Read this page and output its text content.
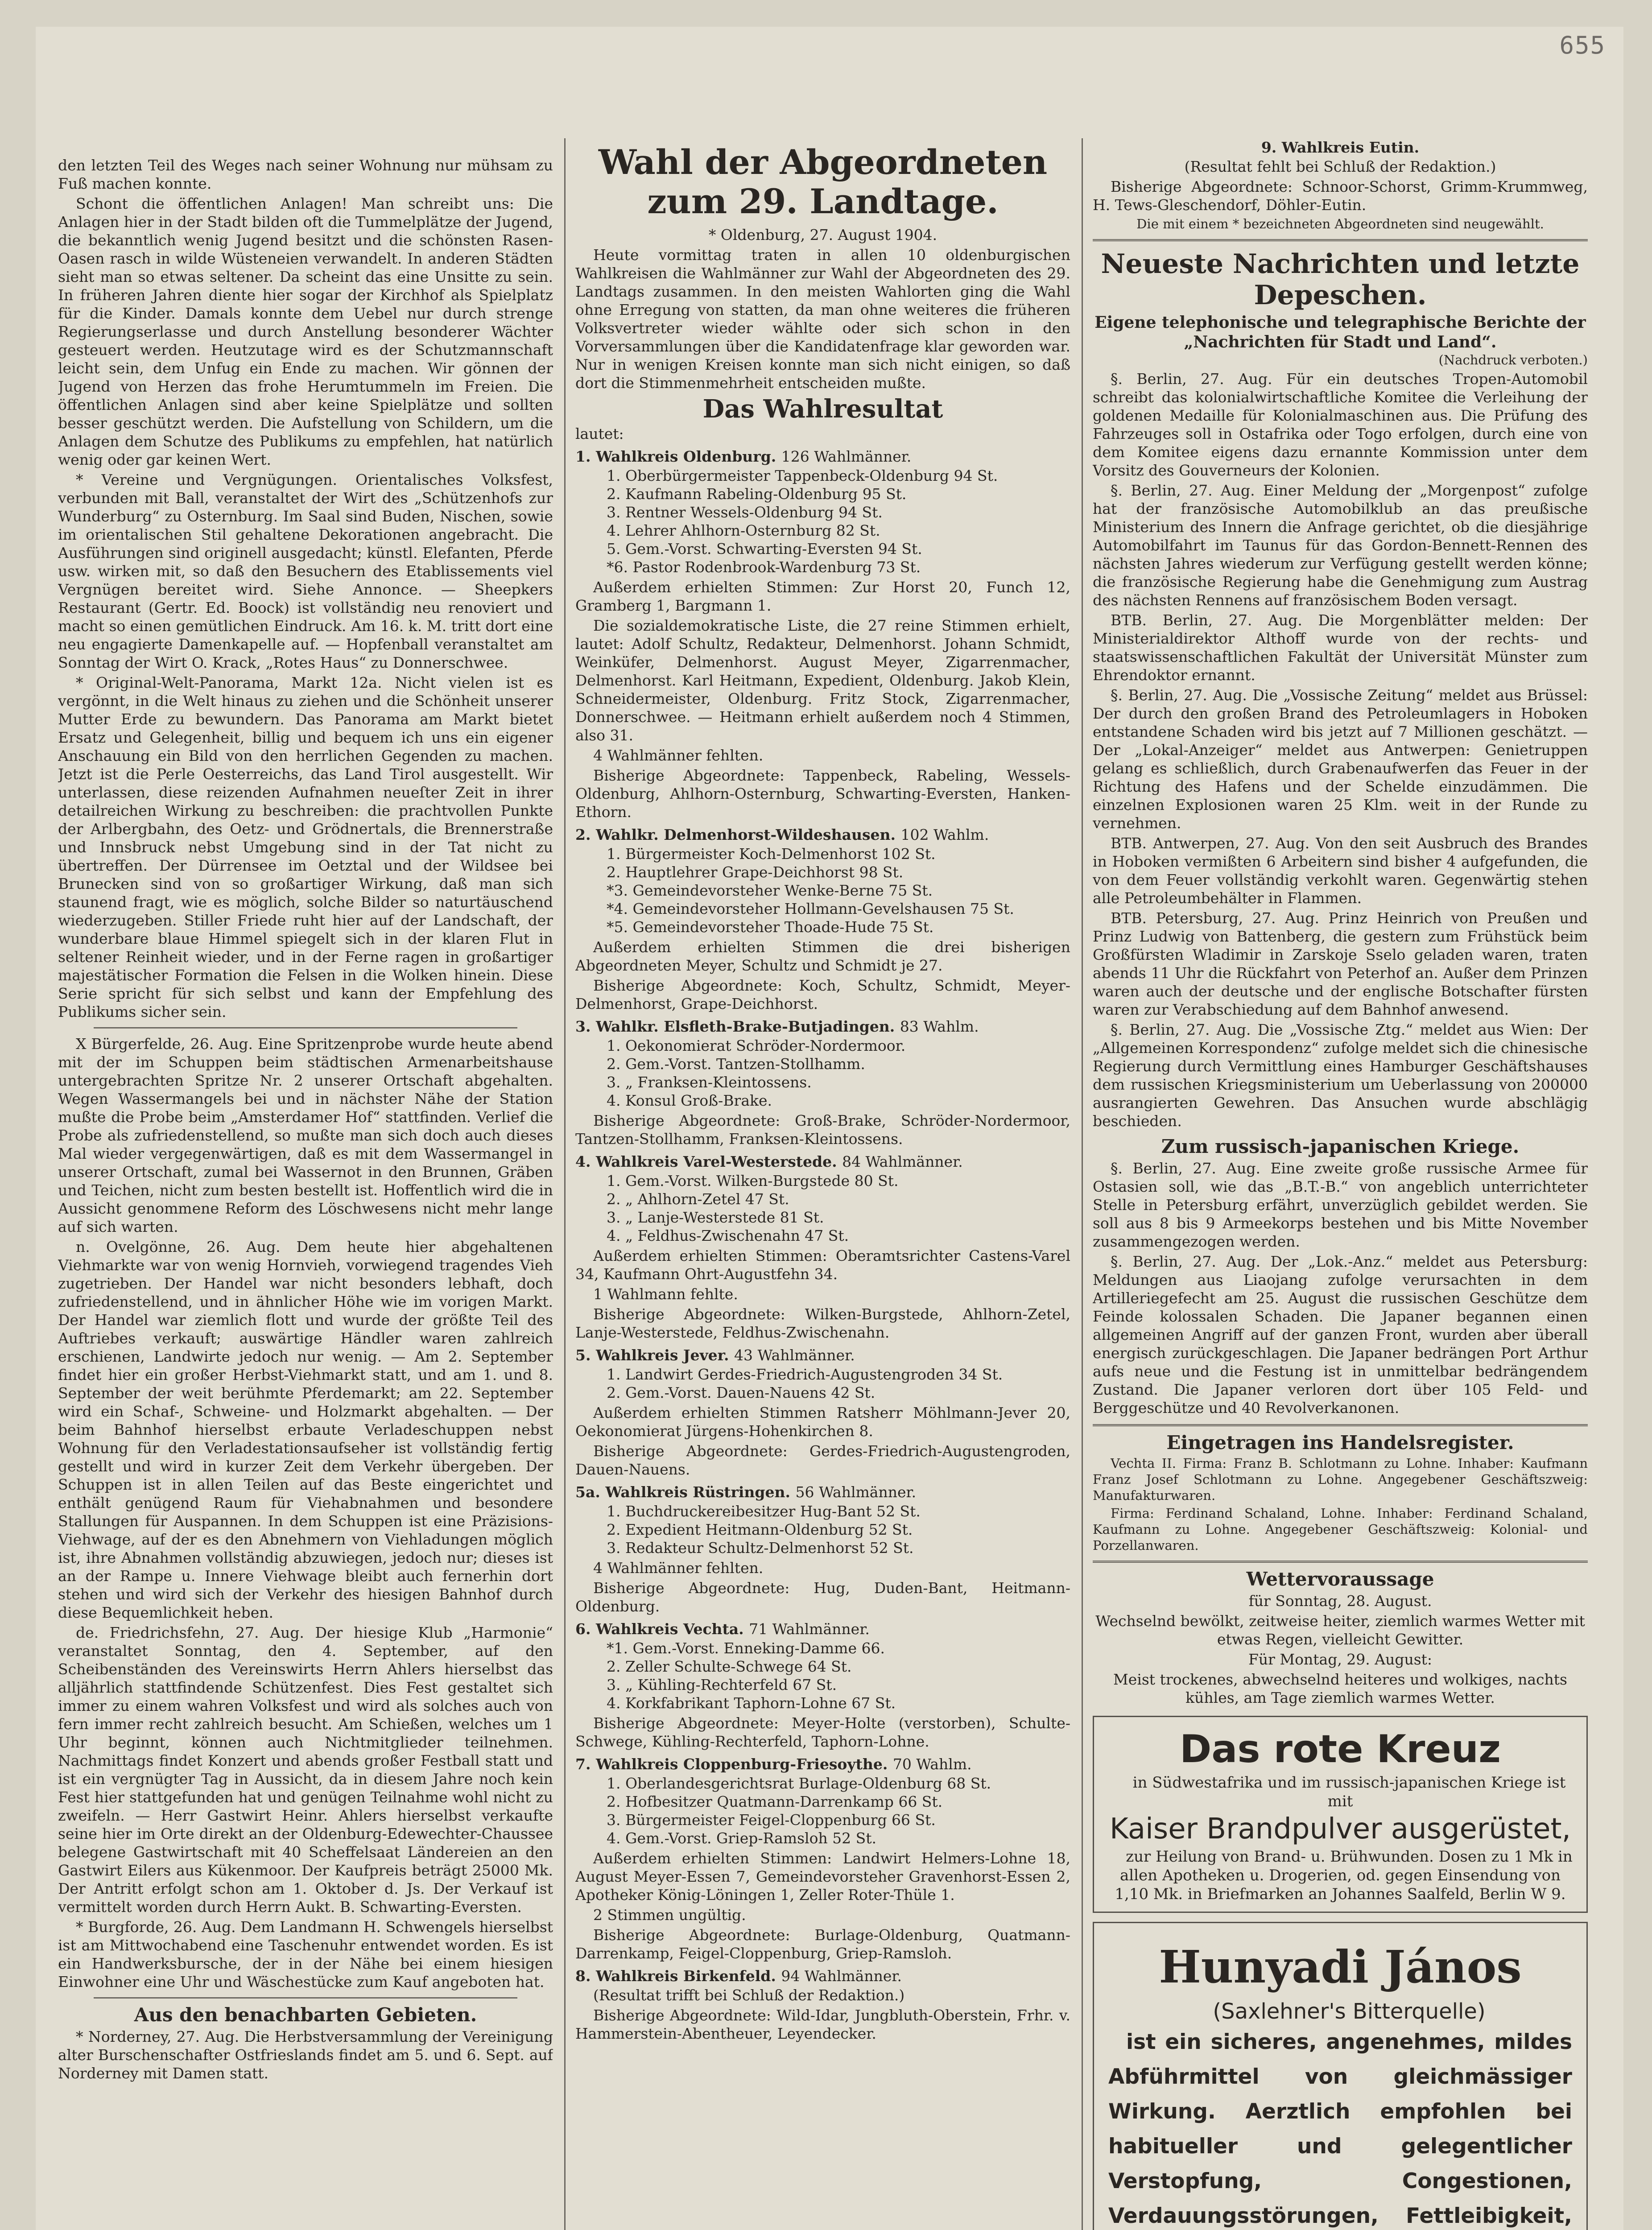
655

den letzten Teil des Weges nach seiner Wohnung nur mühsam zu Fuß machen konnte.

Schont die öffentlichen Anlagen! Man schreibt uns: Die Anlagen hier in der Stadt bilden oft die Tummelplätze der Jugend, die bekanntlich wenig Jugend besitzt und die schönsten Rasen-Oasen rasch in wilde Wüsteneien verwandelt. In anderen Städten sieht man so etwas seltener. Da scheint das eine Unsitte zu sein. In früheren Jahren diente hier sogar der Kirchhof als Spielplatz für die Kinder. Damals konnte dem Uebel nur durch strenge Regierungserlasse und durch Anstellung besonderer Wächter gesteuert werden. Heutzutage wird es der Schutzmannschaft leicht sein, dem Unfug ein Ende zu machen. Wir gönnen der Jugend von Herzen das frohe Herumtummeln im Freien. Die öffentlichen Anlagen sind aber keine Spielplätze und sollten besser geschützt werden. Die Aufstellung von Schildern, um die Anlagen dem Schutze des Publikums zu empfehlen, hat natürlich wenig oder gar keinen Wert.

* Vereine und Vergnügungen. Orientalisches Volksfest, verbunden mit Ball, veranstaltet der Wirt des „Schützenhofs zur Wunderburg“ zu Osternburg. Im Saal sind Buden, Nischen, sowie im orientalischen Stil gehaltene Dekorationen angebracht. Die Ausführungen sind originell ausgedacht; künstl. Elefanten, Pferde usw. wirken mit, so daß den Besuchern des Etablissements viel Vergnügen bereitet wird. Siehe Annonce. — Sheepkers Restaurant (Gertr. Ed. Boock) ist vollständig neu renoviert und macht so einen gemütlichen Eindruck. Am 16. k. M. tritt dort eine neu engagierte Damenkapelle auf. — Hopfenball veranstaltet am Sonntag der Wirt O. Krack, „Rotes Haus“ zu Donnerschwee.

* Original-Welt-Panorama, Markt 12a. Nicht vielen ist es vergönnt, in die Welt hinaus zu ziehen und die Schönheit unserer Mutter Erde zu bewundern. Das Panorama am Markt bietet Ersatz und Gelegenheit, billig und bequem ich uns ein eigener Anschauung ein Bild von den herrlichen Gegenden zu machen. Jetzt ist die Perle Oesterreichs, das Land Tirol ausgestellt. Wir unterlassen, diese reizenden Aufnahmen neueſter Zeit in ihrer detailreichen Wirkung zu beschreiben: die prachtvollen Punkte der Arlbergbahn, des Oetz- und Grödnertals, die Brennerstraße und Innsbruck nebst Umgebung sind in der Tat nicht zu übertreffen. Der Dürrensee im Oetztal und der Wildsee bei Brunecken sind von so großartiger Wirkung, daß man sich staunend fragt, wie es möglich, solche Bilder so naturtäuschend wiederzugeben. Stiller Friede ruht hier auf der Landschaft, der wunderbare blaue Himmel spiegelt sich in der klaren Flut in seltener Reinheit wieder, und in der Ferne ragen in großartiger majestätischer Formation die Felsen in die Wolken hinein. Diese Serie spricht für sich selbst und kann der Empfehlung des Publikums sicher sein.

X Bürgerfelde, 26. Aug. Eine Spritzenprobe wurde heute abend mit der im Schuppen beim städtischen Armenarbeitshause untergebrachten Spritze Nr. 2 unserer Ortschaft abgehalten. Wegen Wassermangels bei und in nächster Nähe der Station mußte die Probe beim „Amsterdamer Hof“ stattfinden. Verlief die Probe als zufriedenstellend, so mußte man sich doch auch dieses Mal wieder vergegenwärtigen, daß es mit dem Wassermangel in unserer Ortschaft, zumal bei Wassernot in den Brunnen, Gräben und Teichen, nicht zum besten bestellt ist. Hoffentlich wird die in Aussicht genommene Reform des Löschwesens nicht mehr lange auf sich warten.

n. Ovelgönne, 26. Aug. Dem heute hier abgehaltenen Viehmarkte war von wenig Hornvieh, vorwiegend tragendes Vieh zugetrieben. Der Handel war nicht besonders lebhaft, doch zufriedenstellend, und in ähnlicher Höhe wie im vorigen Markt. Der Handel war ziemlich flott und wurde der größte Teil des Auftriebes verkauft; auswärtige Händler waren zahlreich erschienen, Landwirte jedoch nur wenig. — Am 2. September findet hier ein großer Herbst-Viehmarkt statt, und am 1. und 8. September der weit berühmte Pferdemarkt; am 22. September wird ein Schaf-, Schweine- und Holzmarkt abgehalten. — Der beim Bahnhof hierselbst erbaute Verladeschuppen nebst Wohnung für den Verladestationsaufseher ist vollständig fertig gestellt und wird in kurzer Zeit dem Verkehr übergeben. Der Schuppen ist in allen Teilen auf das Beste eingerichtet und enthält genügend Raum für Viehabnahmen und besondere Stallungen für Auspannen. In dem Schuppen ist eine Präzisions-Viehwage, auf der es den Abnehmern von Viehladungen möglich ist, ihre Abnahmen vollständig abzuwiegen, jedoch nur; dieses ist an der Rampe u. Innere Viehwage bleibt auch fernerhin dort stehen und wird sich der Verkehr des hiesigen Bahnhof durch diese Bequemlichkeit heben.

de. Friedrichsfehn, 27. Aug. Der hiesige Klub „Harmonie“ veranstaltet Sonntag, den 4. September, auf den Scheibenständen des Vereinswirts Herrn Ahlers hierselbst das alljährlich stattfindende Schützenfest. Dies Fest gestaltet sich immer zu einem wahren Volksfest und wird als solches auch von fern immer recht zahlreich besucht. Am Schießen, welches um 1 Uhr beginnt, können auch Nichtmitglieder teilnehmen. Nachmittags findet Konzert und abends großer Festball statt und ist ein vergnügter Tag in Aussicht, da in diesem Jahre noch kein Fest hier stattgefunden hat und genügen Teilnahme wohl nicht zu zweifeln. — Herr Gastwirt Heinr. Ahlers hierselbst verkaufte seine hier im Orte direkt an der Oldenburg-Edewechter-Chaussee belegene Gastwirtschaft mit 40 Scheffelsaat Ländereien an den Gastwirt Eilers aus Kükenmoor. Der Kaufpreis beträgt 25000 Mk. Der Antritt erfolgt schon am 1. Oktober d. Js. Der Verkauf ist vermittelt worden durch Herrn Aukt. B. Schwarting-Eversten.

* Burgforde, 26. Aug. Dem Landmann H. Schwengels hierselbst ist am Mittwochabend eine Taschenuhr entwendet worden. Es ist ein Handwerksbursche, der in der Nähe bei einem hiesigen Einwohner eine Uhr und Wäschestücke zum Kauf angeboten hat.

Aus den benachbarten Gebieten.

* Norderney, 27. Aug. Die Herbstversammlung der Vereinigung alter Burschenschafter Ostfrieslands findet am 5. und 6. Sept. auf Norderney mit Damen statt.

Wahl der Abgeordneten zum 29. Landtage.

* Oldenburg, 27. August 1904.

Heute vormittag traten in allen 10 oldenburgischen Wahlkreisen die Wahlmänner zur Wahl der Abgeordneten des 29. Landtags zusammen. In den meisten Wahlorten ging die Wahl ohne Erregung von statten, da man ohne weiteres die früheren Volksvertreter wieder wählte oder sich schon in den Vorversammlungen über die Kandidatenfrage klar geworden war. Nur in wenigen Kreisen konnte man sich nicht einigen, so daß dort die Stimmenmehrheit entscheiden mußte.

Das Wahlresultat

lautet:

1. Wahlkreis Oldenburg. 126 Wahlmänner.

1. Oberbürgermeister Tappenbeck-Oldenburg 94 St.
2. Kaufmann Rabeling-Oldenburg 95 St.
3. Rentner Wessels-Oldenburg 94 St.
4. Lehrer Ahlhorn-Osternburg 82 St.
5. Gem.-Vorst. Schwarting-Eversten 94 St.
*6. Pastor Rodenbrook-Wardenburg 73 St.

Außerdem erhielten Stimmen: Zur Horst 20, Funch 12, Gramberg 1, Bargmann 1.

Die sozialdemokratische Liste, die 27 reine Stimmen erhielt, lautet: Adolf Schultz, Redakteur, Delmenhorst. Johann Schmidt, Weinküfer, Delmenhorst. August Meyer, Zigarrenmacher, Delmenhorst. Karl Heitmann, Expedient, Oldenburg. Jakob Klein, Schneidermeister, Oldenburg. Fritz Stock, Zigarrenmacher, Donnerschwee. — Heitmann erhielt außerdem noch 4 Stimmen, also 31.

4 Wahlmänner fehlten.

Bisherige Abgeordnete: Tappenbeck, Rabeling, Wessels-Oldenburg, Ahlhorn-Osternburg, Schwarting-Eversten, Hanken-Ethorn.

2. Wahlkr. Delmenhorst-Wildeshausen. 102 Wahlm.

1. Bürgermeister Koch-Delmenhorst 102 St.
2. Hauptlehrer Grape-Deichhorst 98 St.
*3. Gemeindevorsteher Wenke-Berne 75 St.
*4. Gemeindevorsteher Hollmann-Gevelshausen 75 St.
*5. Gemeindevorsteher Thoade-Hude 75 St.

Außerdem erhielten Stimmen die drei bisherigen Abgeordneten Meyer, Schultz und Schmidt je 27.

Bisherige Abgeordnete: Koch, Schultz, Schmidt, Meyer-Delmenhorst, Grape-Deichhorst.

3. Wahlkr. Elsfleth-Brake-Butjadingen. 83 Wahlm.

1. Oekonomierat Schröder-Nordermoor.
2. Gem.-Vorst. Tantzen-Stollhamm.
3. „ Franksen-Kleintossens.
4. Konsul Groß-Brake.

Bisherige Abgeordnete: Groß-Brake, Schröder-Nordermoor, Tantzen-Stollhamm, Franksen-Kleintossens.

4. Wahlkreis Varel-Westerstede. 84 Wahlmänner.

1. Gem.-Vorst. Wilken-Burgstede 80 St.
2. „ Ahlhorn-Zetel 47 St.
3. „ Lanje-Westerstede 81 St.
4. „ Feldhus-Zwischenahn 47 St.

Außerdem erhielten Stimmen: Oberamtsrichter Castens-Varel 34, Kaufmann Ohrt-Augustfehn 34.

1 Wahlmann fehlte.

Bisherige Abgeordnete: Wilken-Burgstede, Ahlhorn-Zetel, Lanje-Westerstede, Feldhus-Zwischenahn.

5. Wahlkreis Jever. 43 Wahlmänner.

1. Landwirt Gerdes-Friedrich-Augustengroden 34 St.
2. Gem.-Vorst. Dauen-Nauens 42 St.

Außerdem erhielten Stimmen Ratsherr Möhlmann-Jever 20, Oekonomierat Jürgens-Hohenkirchen 8.

Bisherige Abgeordnete: Gerdes-Friedrich-Augustengroden, Dauen-Nauens.

5a. Wahlkreis Rüstringen. 56 Wahlmänner.

1. Buchdruckereibesitzer Hug-Bant 52 St.
2. Expedient Heitmann-Oldenburg 52 St.
3. Redakteur Schultz-Delmenhorst 52 St.

4 Wahlmänner fehlten.

Bisherige Abgeordnete: Hug, Duden-Bant, Heitmann-Oldenburg.

6. Wahlkreis Vechta. 71 Wahlmänner.

*1. Gem.-Vorst. Enneking-Damme 66.
2. Zeller Schulte-Schwege 64 St.
3. „ Kühling-Rechterfeld 67 St.
4. Korkfabrikant Taphorn-Lohne 67 St.

Bisherige Abgeordnete: Meyer-Holte (verstorben), Schulte-Schwege, Kühling-Rechterfeld, Taphorn-Lohne.

7. Wahlkreis Cloppenburg-Friesoythe. 70 Wahlm.

1. Oberlandesgerichtsrat Burlage-Oldenburg 68 St.
2. Hofbesitzer Quatmann-Darrenkamp 66 St.
3. Bürgermeister Feigel-Cloppenburg 66 St.
4. Gem.-Vorst. Griep-Ramsloh 52 St.

Außerdem erhielten Stimmen: Landwirt Helmers-Lohne 18, August Meyer-Essen 7, Gemeindevorsteher Gravenhorst-Essen 2, Apotheker König-Löningen 1, Zeller Roter-Thüle 1.

2 Stimmen ungültig.

Bisherige Abgeordnete: Burlage-Oldenburg, Quatmann-Darrenkamp, Feigel-Cloppenburg, Griep-Ramsloh.

8. Wahlkreis Birkenfeld. 94 Wahlmänner.

(Resultat trifft bei Schluß der Redaktion.)

Bisherige Abgeordnete: Wild-Idar, Jungbluth-Oberstein, Frhr. v. Hammerstein-Abentheuer, Leyendecker.

9. Wahlkreis Eutin.

(Resultat fehlt bei Schluß der Redaktion.)

Bisherige Abgeordnete: Schnoor-Schorst, Grimm-Krummweg, H. Tews-Gleschendorf, Döhler-Eutin.

Die mit einem * bezeichneten Abgeordneten sind neugewählt.

Neueste Nachrichten und letzte Depeschen.
Eigene telephonische und telegraphische Berichte der „Nachrichten für Stadt und Land“.

(Nachdruck verboten.)

§. Berlin, 27. Aug. Für ein deutsches Tropen-Automobil schreibt das kolonialwirtschaftliche Komitee die Verleihung der goldenen Medaille für Kolonialmaschinen aus. Die Prüfung des Fahrzeuges soll in Ostafrika oder Togo erfolgen, durch eine von dem Komitee eigens dazu ernannte Kommission unter dem Vorsitz des Gouverneurs der Kolonien.

§. Berlin, 27. Aug. Einer Meldung der „Morgenpost“ zufolge hat der französische Automobilklub an das preußische Ministerium des Innern die Anfrage gerichtet, ob die diesjährige Automobilfahrt im Taunus für das Gordon-Bennett-Rennen des nächsten Jahres wiederum zur Verfügung gestellt werden könne; die französische Regierung habe die Genehmigung zum Austrag des nächsten Rennens auf französischem Boden versagt.

BTB. Berlin, 27. Aug. Die Morgenblätter melden: Der Ministerialdirektor Althoff wurde von der rechts- und staatswissenschaftlichen Fakultät der Universität Münster zum Ehrendoktor ernannt.

§. Berlin, 27. Aug. Die „Vossische Zeitung“ meldet aus Brüssel: Der durch den großen Brand des Petroleumlagers in Hoboken entstandene Schaden wird bis jetzt auf 7 Millionen geschätzt. — Der „Lokal-Anzeiger“ meldet aus Antwerpen: Genietruppen gelang es schließlich, durch Grabenaufwerfen das Feuer in der Richtung des Hafens und der Schelde einzudämmen. Die einzelnen Explosionen waren 25 Klm. weit in der Runde zu vernehmen.

BTB. Antwerpen, 27. Aug. Von den seit Ausbruch des Brandes in Hoboken vermißten 6 Arbeitern sind bisher 4 aufgefunden, die von dem Feuer vollständig verkohlt waren. Gegenwärtig stehen alle Petroleumbehälter in Flammen.

BTB. Petersburg, 27. Aug. Prinz Heinrich von Preußen und Prinz Ludwig von Battenberg, die gestern zum Frühstück beim Großfürsten Wladimir in Zarskoje Sselo geladen waren, traten abends 11 Uhr die Rückfahrt von Peterhof an. Außer dem Prinzen waren auch der deutsche und der englische Botschafter fürsten waren zur Verabschiedung auf dem Bahnhof anwesend.

§. Berlin, 27. Aug. Die „Vossische Ztg.“ meldet aus Wien: Der „Allgemeinen Korrespondenz“ zufolge meldet sich die chinesische Regierung durch Vermittlung eines Hamburger Geschäftshauses dem russischen Kriegsministerium um Ueberlassung von 200000 ausrangierten Gewehren. Das Ansuchen wurde abschlägig beschieden.

Zum russisch-japanischen Kriege.

§. Berlin, 27. Aug. Eine zweite große russische Armee für Ostasien soll, wie das „B.T.-B.“ von angeblich unterrichteter Stelle in Petersburg erfährt, unverzüglich gebildet werden. Sie soll aus 8 bis 9 Armeekorps bestehen und bis Mitte November zusammengezogen werden.

§. Berlin, 27. Aug. Der „Lok.-Anz.“ meldet aus Petersburg: Meldungen aus Liaojang zufolge verursachten in dem Artilleriegefecht am 25. August die russischen Geschütze dem Feinde kolossalen Schaden. Die Japaner begannen einen allgemeinen Angriff auf der ganzen Front, wurden aber überall energisch zurückgeschlagen. Die Japaner bedrängen Port Arthur aufs neue und die Festung ist in unmittelbar bedrängendem Zustand. Die Japaner verloren dort über 105 Feld- und Berggeschütze und 40 Revolverkanonen.

Eingetragen ins Handelsregister.

Vechta II. Firma: Franz B. Schlotmann zu Lohne. Inhaber: Kaufmann Franz Josef Schlotmann zu Lohne. Angegebener Geschäftszweig: Manufakturwaren.

Firma: Ferdinand Schaland, Lohne. Inhaber: Ferdinand Schaland, Kaufmann zu Lohne. Angegebener Geschäftszweig: Kolonial- und Porzellanwaren.

Wettervoraussage

für Sonntag, 28. August.

Wechselnd bewölkt, zeitweise heiter, ziemlich warmes Wetter mit etwas Regen, vielleicht Gewitter.

Für Montag, 29. August:

Meist trockenes, abwechselnd heiteres und wolkiges, nachts kühles, am Tage ziemlich warmes Wetter.

Das rote Kreuz

in Südwestafrika und im russisch-japanischen Kriege ist mit

Kaiser Brandpulver ausgerüstet,

zur Heilung von Brand- u. Brühwunden. Dosen zu 1 Mk in allen Apotheken u. Drogerien, od. gegen Einsendung von 1,10 Mk. in Briefmarken an Johannes Saalfeld, Berlin W 9.

Hunyadi János

(Saxlehner's Bitterquelle)

ist ein sicheres, angenehmes, mildes Abführmittel von gleichmässiger Wirkung. Aerztlich empfohlen bei habitueller und gelegentlicher Verstopfung, Congestionen, Verdauungsstörungen, Fettleibigkeit,
